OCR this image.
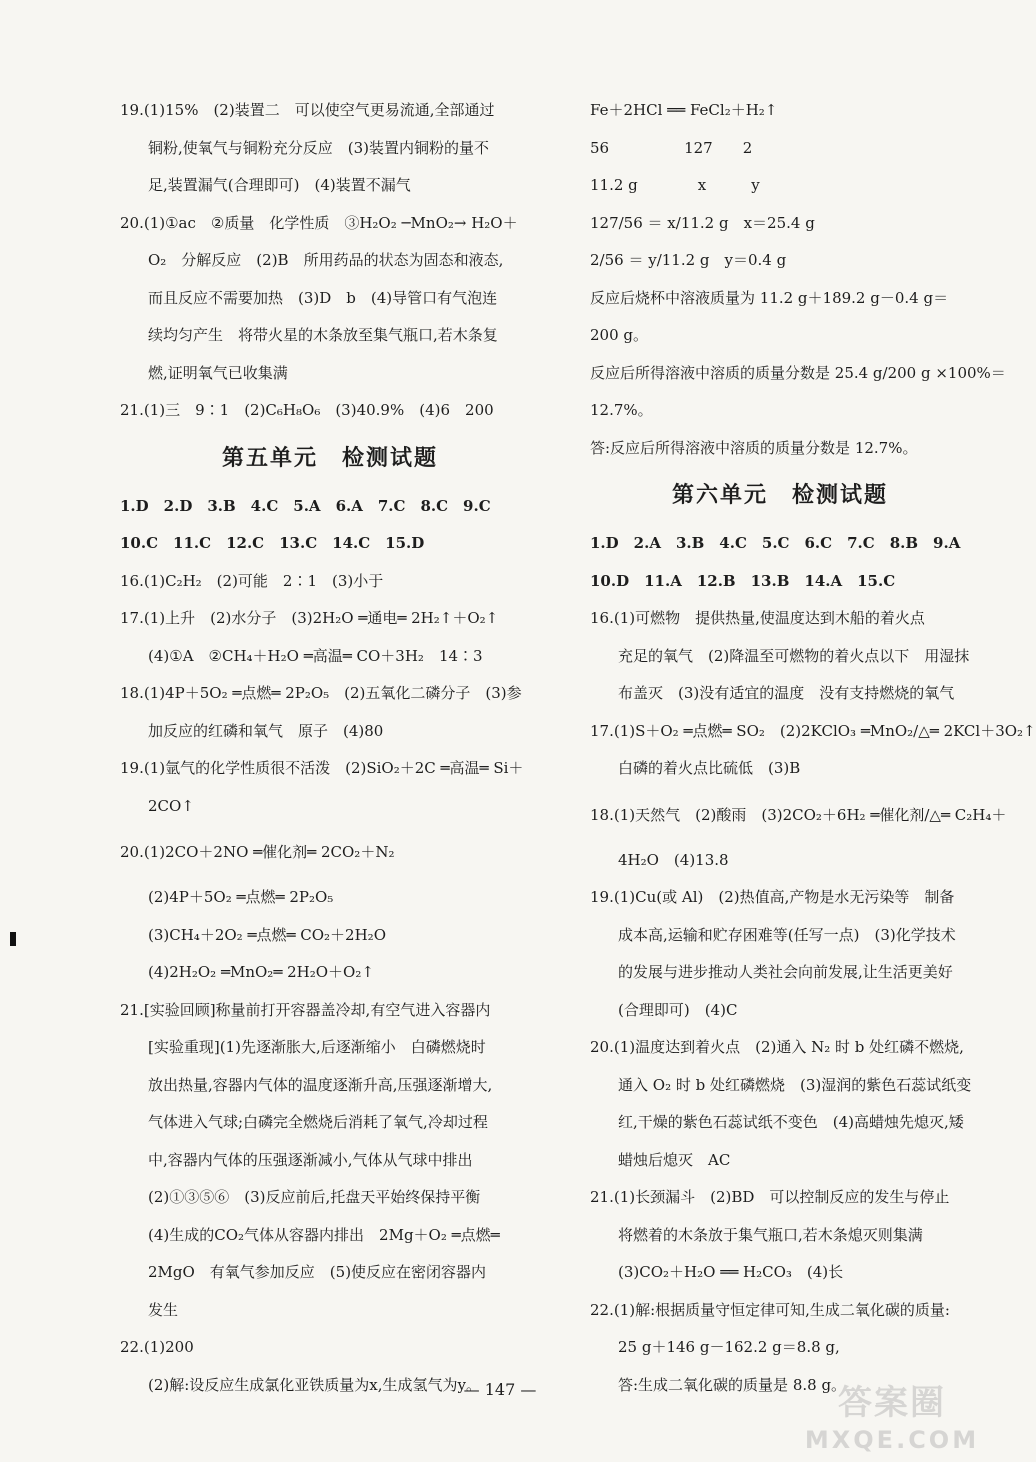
19.(1)15%　(2)装置二　可以使空气更易流通,全部通过
铜粉,使氧气与铜粉充分反应　(3)装置内铜粉的量不
足,装置漏气(合理即可)　(4)装置不漏气
20.(1)①ac　②质量　化学性质　③H₂O₂ ─MnO₂→ H₂O＋
O₂　分解反应　(2)B　所用药品的状态为固态和液态,
而且反应不需要加热　(3)D　b　(4)导管口有气泡连
续均匀产生　将带火星的木条放至集气瓶口,若木条复
燃,证明氧气已收集满
21.(1)三　9∶1　(2)C₆H₈O₆　(3)40.9%　(4)6　200
第五单元　检测试题
1.D　2.D　3.B　4.C　5.A　6.A　7.C　8.C　9.C
10.C　11.C　12.C　13.C　14.C　15.D
16.(1)C₂H₂　(2)可能　2∶1　(3)小于
17.(1)上升　(2)水分子　(3)2H₂O ═通电═ 2H₂↑＋O₂↑
(4)①A　②CH₄＋H₂O ═高温═ CO＋3H₂　14∶3
18.(1)4P＋5O₂ ═点燃═ 2P₂O₅　(2)五氧化二磷分子　(3)参
加反应的红磷和氧气　原子　(4)80
19.(1)氩气的化学性质很不活泼　(2)SiO₂＋2C ═高温═ Si＋
2CO↑
20.(1)2CO＋2NO ═催化剂═ 2CO₂＋N₂
(2)4P＋5O₂ ═点燃═ 2P₂O₅
(3)CH₄＋2O₂ ═点燃═ CO₂＋2H₂O
(4)2H₂O₂ ═MnO₂═ 2H₂O＋O₂↑
21.[实验回顾]称量前打开容器盖冷却,有空气进入容器内
[实验重现](1)先逐渐胀大,后逐渐缩小　白磷燃烧时
放出热量,容器内气体的温度逐渐升高,压强逐渐增大,
气体进入气球;白磷完全燃烧后消耗了氧气,冷却过程
中,容器内气体的压强逐渐减小,气体从气球中排出
(2)①③⑤⑥　(3)反应前后,托盘天平始终保持平衡
(4)生成的CO₂气体从容器内排出　2Mg＋O₂ ═点燃═
2MgO　有氧气参加反应　(5)使反应在密闭容器内
发生
22.(1)200
(2)解:设反应生成氯化亚铁质量为x,生成氢气为y。
Fe＋2HCl ══ FeCl₂＋H₂↑
56　　　　　127　　2
11.2 g　　　　x　　　y
127/56 ＝ x/11.2 g　x＝25.4 g
2/56 ＝ y/11.2 g　y＝0.4 g
反应后烧杯中溶液质量为 11.2 g＋189.2 g－0.4 g＝
200 g。
反应后所得溶液中溶质的质量分数是 25.4 g/200 g ×100%＝
12.7%。
答:反应后所得溶液中溶质的质量分数是 12.7%。
第六单元　检测试题
1.D　2.A　3.B　4.C　5.C　6.C　7.C　8.B　9.A
10.D　11.A　12.B　13.B　14.A　15.C
16.(1)可燃物　提供热量,使温度达到木船的着火点
充足的氧气　(2)降温至可燃物的着火点以下　用湿抹
布盖灭　(3)没有适宜的温度　没有支持燃烧的氧气
17.(1)S＋O₂ ═点燃═ SO₂　(2)2KClO₃ ═MnO₂/△═ 2KCl＋3O₂↑
白磷的着火点比硫低　(3)B
18.(1)天然气　(2)酸雨　(3)2CO₂＋6H₂ ═催化剂/△═ C₂H₄＋
4H₂O　(4)13.8
19.(1)Cu(或 Al)　(2)热值高,产物是水无污染等　制备
成本高,运输和贮存困难等(任写一点)　(3)化学技术
的发展与进步推动人类社会向前发展,让生活更美好
(合理即可)　(4)C
20.(1)温度达到着火点　(2)通入 N₂ 时 b 处红磷不燃烧,
通入 O₂ 时 b 处红磷燃烧　(3)湿润的紫色石蕊试纸变
红,干燥的紫色石蕊试纸不变色　(4)高蜡烛先熄灭,矮
蜡烛后熄灭　AC
21.(1)长颈漏斗　(2)BD　可以控制反应的发生与停止
将燃着的木条放于集气瓶口,若木条熄灭则集满
(3)CO₂＋H₂O ══ H₂CO₃　(4)长
22.(1)解:根据质量守恒定律可知,生成二氧化碳的质量:
25 g＋146 g－162.2 g＝8.8 g,
答:生成二氧化碳的质量是 8.8 g。
— 147 —	答案圈
MXQE.COM
